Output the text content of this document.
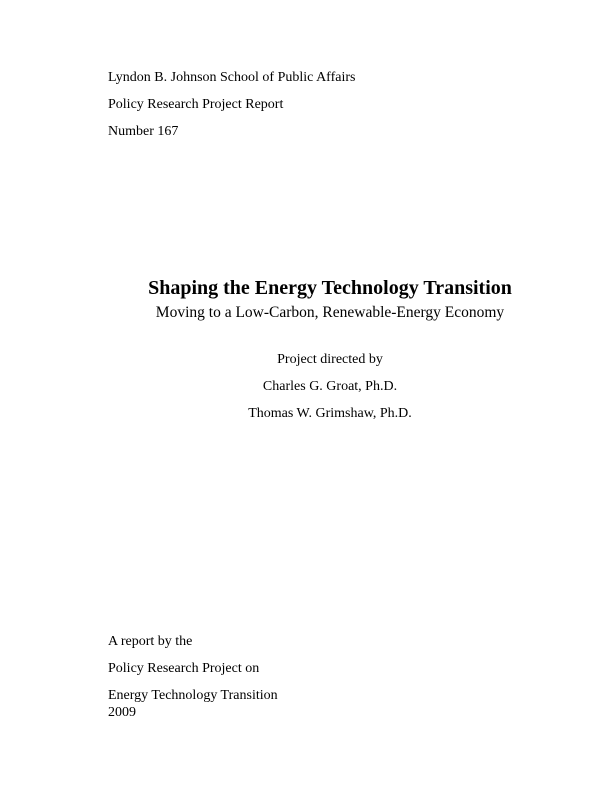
Lyndon B. Johnson School of Public Affairs

Policy Research Project Report

Number 167

Shaping the Energy Technology Transition

Moving to a Low-Carbon, Renewable-Energy Economy

Project directed by

Charles G. Groat, Ph.D.

Thomas W. Grimshaw, Ph.D.

A report by the

Policy Research Project on

Energy Technology Transition

2009
